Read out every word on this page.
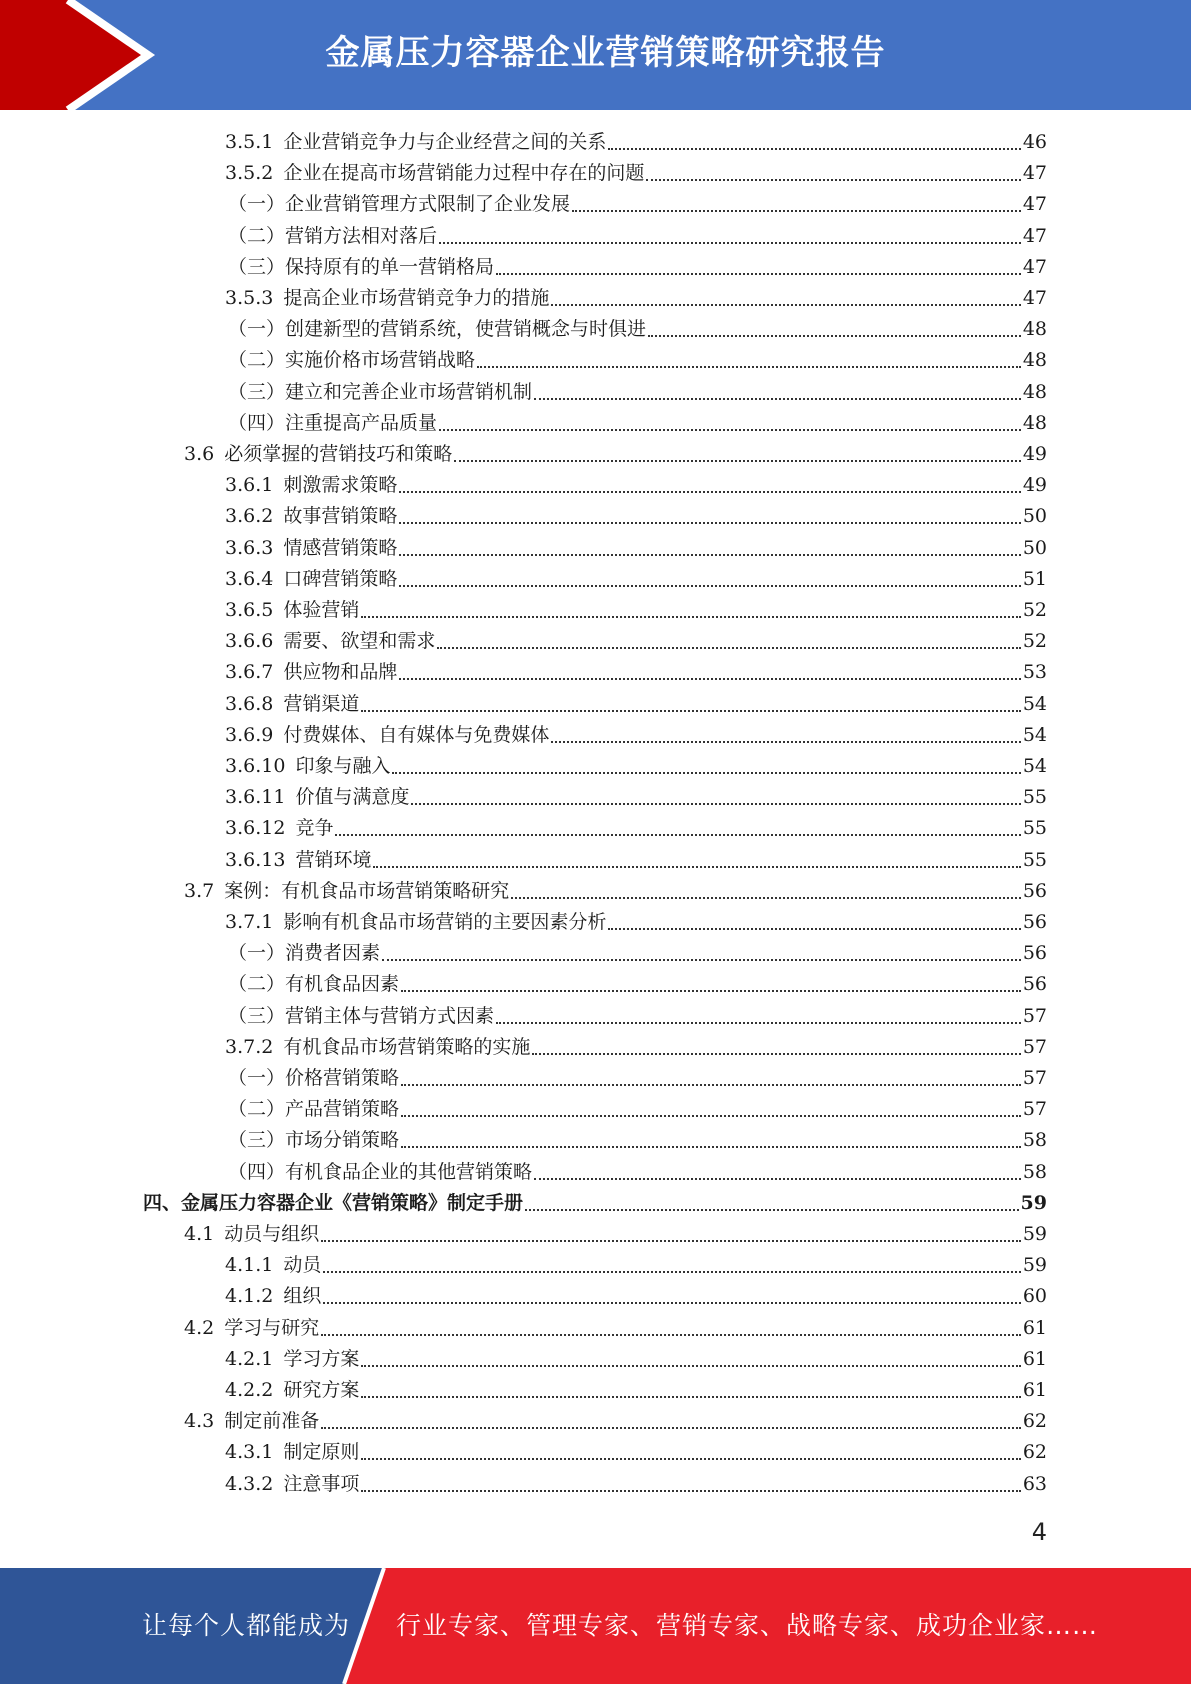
金属压力容器企业营销策略研究报告
3.5.1 企业营销竞争力与企业经营之间的关系	46
3.5.2 企业在提高市场营销能力过程中存在的问题	47
（一）企业营销管理方式限制了企业发展	47
（二）营销方法相对落后	47
（三）保持原有的单一营销格局	47
3.5.3 提高企业市场营销竞争力的措施	47
（一）创建新型的营销系统，使营销概念与时俱进	48
（二）实施价格市场营销战略	48
（三）建立和完善企业市场营销机制	48
（四）注重提高产品质量	48
3.6 必须掌握的营销技巧和策略	49
3.6.1 刺激需求策略	49
3.6.2 故事营销策略	50
3.6.3 情感营销策略	50
3.6.4 口碑营销策略	51
3.6.5 体验营销	52
3.6.6 需要、欲望和需求	52
3.6.7 供应物和品牌	53
3.6.8 营销渠道	54
3.6.9 付费媒体、自有媒体与免费媒体	54
3.6.10 印象与融入	54
3.6.11 价值与满意度	55
3.6.12 竞争	55
3.6.13 营销环境	55
3.7 案例：有机食品市场营销策略研究	56
3.7.1 影响有机食品市场营销的主要因素分析	56
（一）消费者因素	56
（二）有机食品因素	56
（三）营销主体与营销方式因素	57
3.7.2 有机食品市场营销策略的实施	57
（一）价格营销策略	57
（二）产品营销策略	57
（三）市场分销策略	58
（四）有机食品企业的其他营销策略	58
四、金属压力容器企业《营销策略》制定手册	59
4.1 动员与组织	59
4.1.1 动员	59
4.1.2 组织	60
4.2 学习与研究	61
4.2.1 学习方案	61
4.2.2 研究方案	61
4.3 制定前准备	62
4.3.1 制定原则	62
4.3.2 注意事项	63
4
让每个人都能成为 行业专家、管理专家、营销专家、战略专家、成功企业家……
